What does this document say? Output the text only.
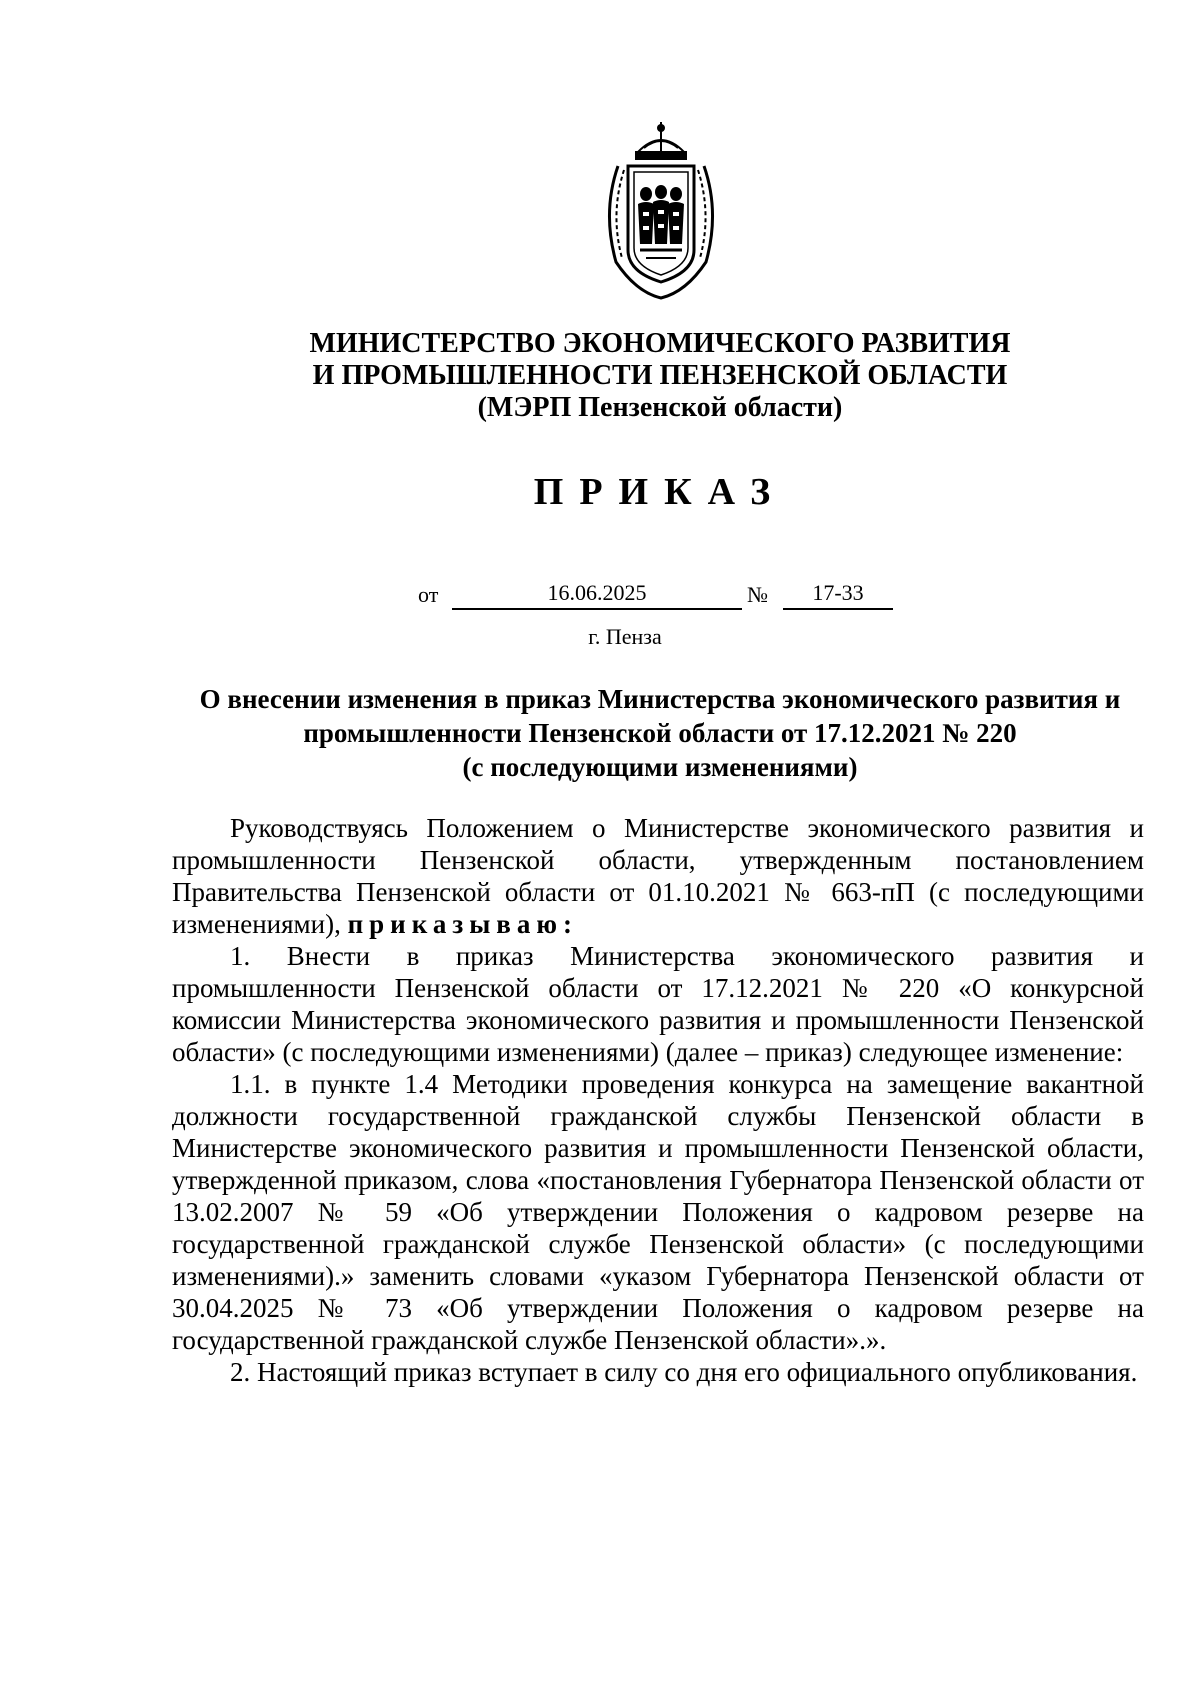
МИНИСТЕРСТВО ЭКОНОМИЧЕСКОГО РАЗВИТИЯ
И ПРОМЫШЛЕННОСТИ ПЕНЗЕНСКОЙ ОБЛАСТИ
(МЭРП Пензенской области)
ПРИКАЗ
от	16.06.2025	№	17-33
г. Пенза
О внесении изменения в приказ Министерства экономического развития и
промышленности Пензенской области от 17.12.2021 № 220
(с последующими изменениями)

Руководствуясь Положением о Министерстве экономического развития и промышленности Пензенской области, утвержденным постановлением Правительства Пензенской области от 01.10.2021 № 663-пП (с последующими изменениями), приказываю:

1. Внести в приказ Министерства экономического развития и промышленности Пензенской области от 17.12.2021 № 220 «О конкурсной комиссии Министерства экономического развития и промышленности Пензенской области» (с последующими изменениями) (далее – приказ) следующее изменение:

1.1. в пункте 1.4 Методики проведения конкурса на замещение вакантной должности государственной гражданской службы Пензенской области в Министерстве экономического развития и промышленности Пензенской области, утвержденной приказом, слова «постановления Губернатора Пензенской области от 13.02.2007 № 59 «Об утверждении Положения о кадровом резерве на государственной гражданской службе Пензенской области» (с последующими изменениями).» заменить словами «указом Губернатора Пензенской области от 30.04.2025 № 73 «Об утверждении Положения о кадровом резерве на государственной гражданской службе Пензенской области».».

2. Настоящий приказ вступает в силу со дня его официального опубликования.
